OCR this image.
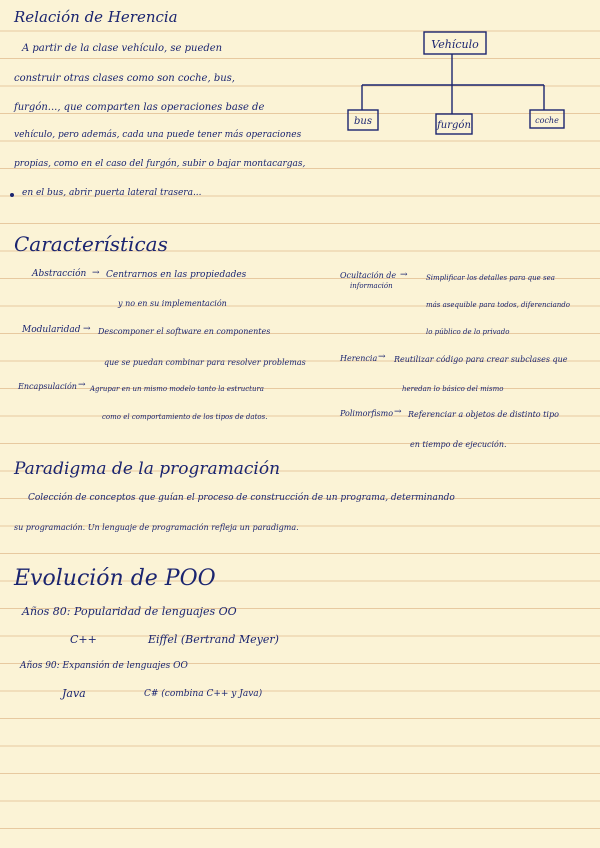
Relación de Herencia
A partir de la clase vehículo, se pueden
construir otras clases como son coche, bus,
furgón..., que comparten las operaciones base de
vehículo, pero además, cada una puede tener más operaciones
propias, como en el caso del furgón, subir o bajar montacargas,
en el bus, abrir puerta lateral trasera...
Vehículo
bus	furgón	coche
Características
Abstracción → Centrarnos en las propiedades
y no en su implementación
Modularidad → Descomponer el software en componentes
que se puedan combinar para resolver problemas
Encapsulación → Agrupar en un mismo modelo tanto la estructura
como el comportamiento de los tipos de datos.
Ocultación de
información
→	Simplificar los detalles para que sea
más asequible para todos, diferenciando
lo público de lo privado
Herencia → Reutilizar código para crear subclases que
heredan lo básico del mismo
Polimorfismo → Referenciar a objetos de distinto tipo
en tiempo de ejecución.
Paradigma de la programación
Colección de conceptos que guían el proceso de construcción de un programa, determinando
su programación. Un lenguaje de programación refleja un paradigma.
Evolución de POO
Años 80: Popularidad de lenguajes OO
C++	Eiffel (Bertrand Meyer)
Años 90: Expansión de lenguajes OO
Java	C# (combina C++ y Java)
